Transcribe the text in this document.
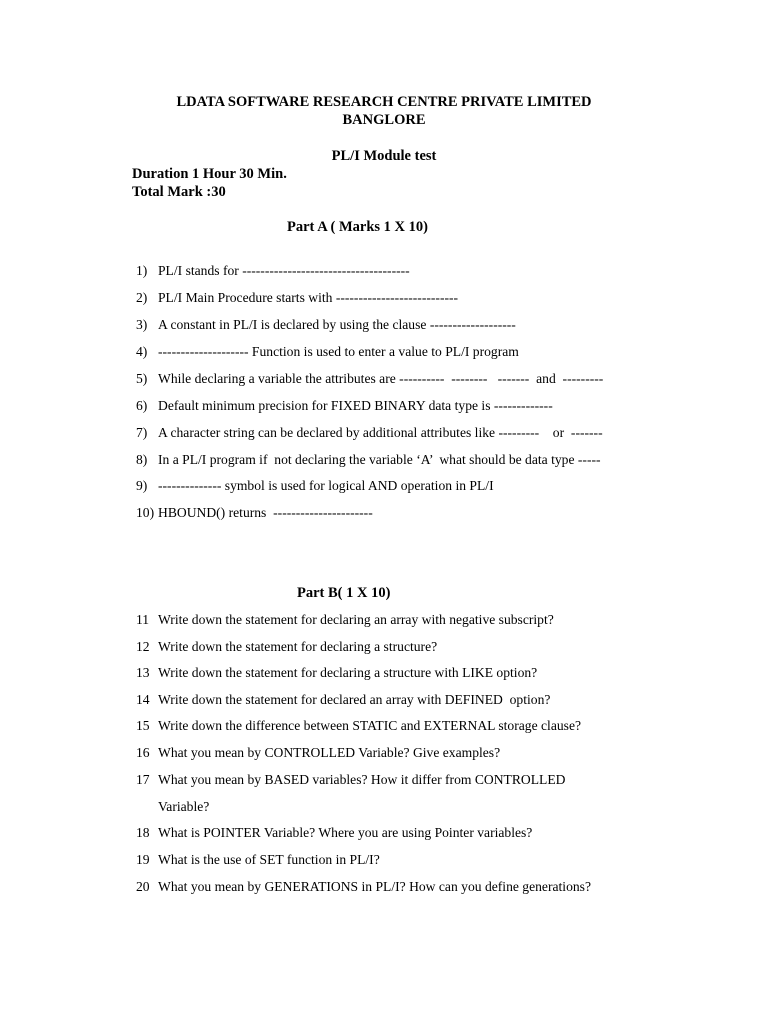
LDATA SOFTWARE RESEARCH CENTRE PRIVATE LIMITED
BANGLORE
PL/I Module test
Duration 1 Hour 30 Min.
Total Mark :30
Part A ( Marks 1 X 10)
1) PL/I stands for -------------------------------------
2) PL/I Main Procedure starts with ---------------------------
3) A constant in PL/I is declared by using the clause -------------------
4) -------------------- Function is used to enter a value to PL/I program
5) While declaring a variable the attributes are ----------  --------   -------  and  ---------
6) Default minimum precision for FIXED BINARY data type is -------------
7) A character string can be declared by additional attributes like ---------    or  -------
8) In a PL/I program if  not declaring the variable ‘A’  what should be data type -----
9) -------------- symbol is used for logical AND operation in PL/I
10) HBOUND() returns  ----------------------
Part B( 1 X 10)
11 Write down the statement for declaring an array with negative subscript?
12 Write down the statement for declaring a structure?
13 Write down the statement for declaring a structure with LIKE option?
14 Write down the statement for declared an array with DEFINED  option?
15 Write down the difference between STATIC and EXTERNAL storage clause?
16 What you mean by CONTROLLED Variable? Give examples?
17 What you mean by BASED variables? How it differ from CONTROLLED
Variable?
18 What is POINTER Variable? Where you are using Pointer variables?
19 What is the use of SET function in PL/I?
20 What you mean by GENERATIONS in PL/I? How can you define generations?
